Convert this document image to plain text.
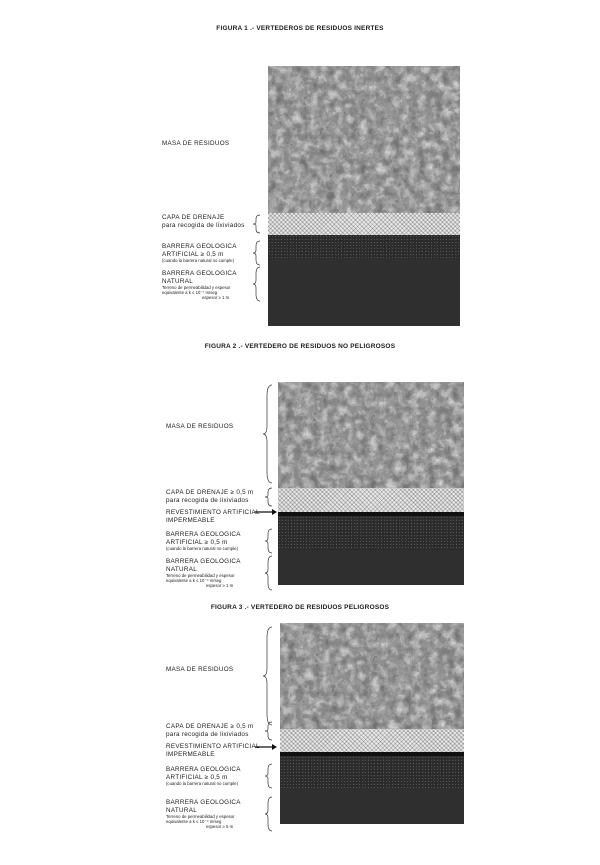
FIGURA 1 .- VERTEDEROS DE RESIDUOS INERTES
MASA DE RESIDUOS
CAPA DE DRENAJE
para recogida de lixiviados
BARRERA GEOLOGICA
ARTIFICIAL ≥ 0,5 m
(cuando la barrera natural no cumple)
BARRERA GEOLOGICA
NATURAL
Terreno de permeabilidad y espesor
equivalente a k ≤ 10⁻⁷ m/seg
espesor ≥ 1 m
FIGURA 2 .- VERTEDERO DE RESIDUOS NO PELIGROSOS
MASA DE RESIDUOS
CAPA DE DRENAJE ≥ 0,5 m
para recogida de lixiviados
REVESTIMIENTO ARTIFICIAL
IMPERMEABLE
BARRERA GEOLOGICA
ARTIFICIAL ≥ 0,5 m
(cuando la barrera natural no cumple)
BARRERA GEOLOGICA
NATURAL
Terreno de permeabilidad y espesor
equivalente a k ≤ 10⁻⁹ m/seg
espesor ≥ 1 m
FIGURA 3 .- VERTEDERO DE RESIDUOS PELIGROSOS
MASA DE RESIDUOS
CAPA DE DRENAJE ≥ 0,5 m
para recogida de lixiviados
REVESTIMIENTO ARTIFICIAL
IMPERMEABLE
BARRERA GEOLOGICA
ARTIFICIAL ≥ 0,5 m
(cuando la barrera natural no cumple)
BARRERA GEOLOGICA
NATURAL
Terreno de permeabilidad y espesor
equivalente a k ≤ 10⁻⁹ m/seg
espesor ≥ 5 m
